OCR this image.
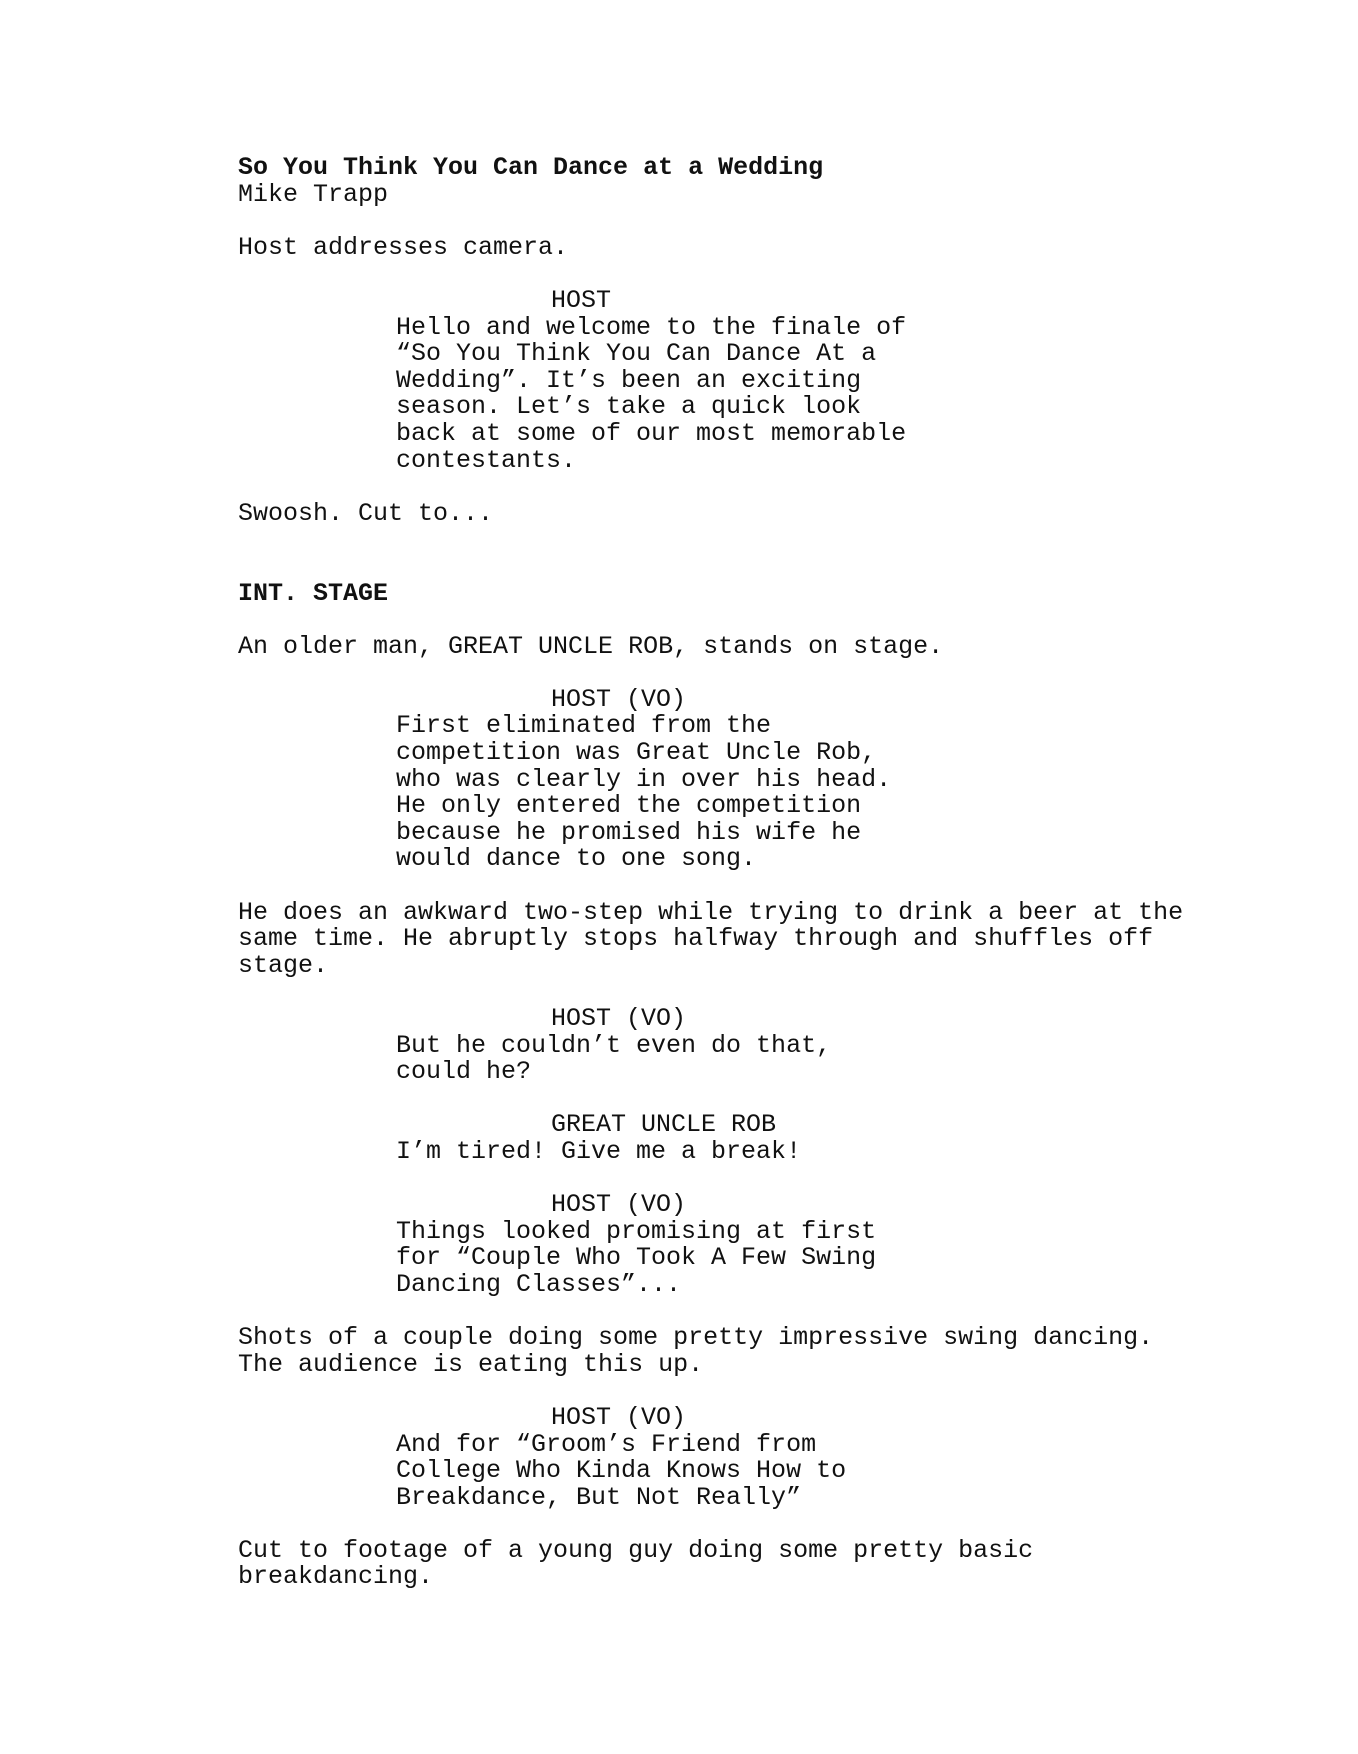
So You Think You Can Dance at a Wedding

Mike Trapp

Host addresses camera.

HOST

Hello and welcome to the finale of

“So You Think You Can Dance At a

Wedding”. It’s been an exciting

season. Let’s take a quick look

back at some of our most memorable

contestants.

Swoosh. Cut to...

INT. STAGE

An older man, GREAT UNCLE ROB, stands on stage.

HOST (VO)

First eliminated from the

competition was Great Uncle Rob,

who was clearly in over his head.

He only entered the competition

because he promised his wife he

would dance to one song.

He does an awkward two-step while trying to drink a beer at the

same time. He abruptly stops halfway through and shuffles off

stage.

HOST (VO)

But he couldn’t even do that,

could he?

GREAT UNCLE ROB

I’m tired! Give me a break!

HOST (VO)

Things looked promising at first

for “Couple Who Took A Few Swing

Dancing Classes”...

Shots of a couple doing some pretty impressive swing dancing.

The audience is eating this up.

HOST (VO)

And for “Groom’s Friend from

College Who Kinda Knows How to

Breakdance, But Not Really”

Cut to footage of a young guy doing some pretty basic

breakdancing.
